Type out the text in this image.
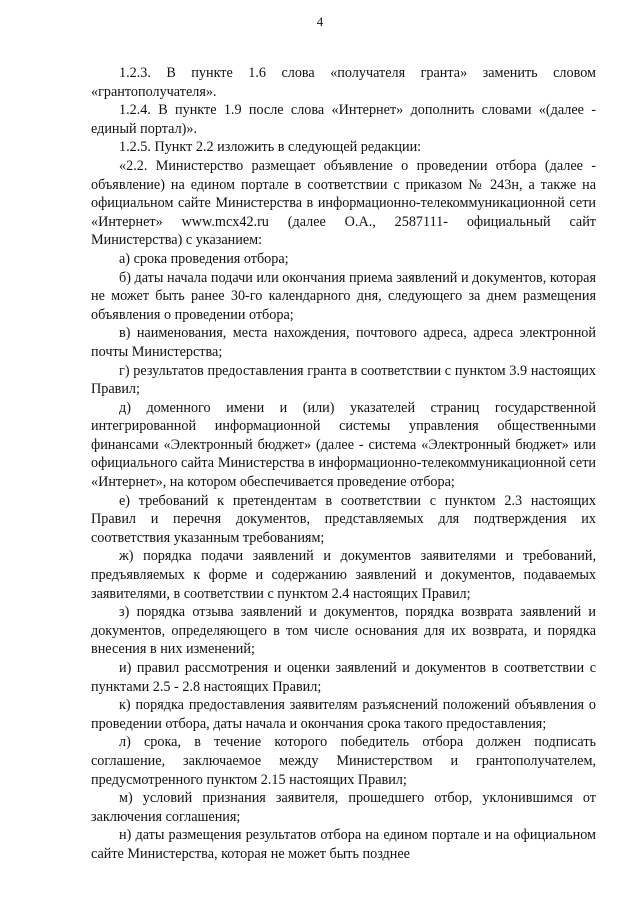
4

1.2.3. В пункте 1.6 слова «получателя гранта» заменить словом «грантополучателя».

1.2.4. В пункте 1.9 после слова «Интернет» дополнить словами «(далее - единый портал)».

1.2.5. Пункт 2.2 изложить в следующей редакции:

«2.2. Министерство размещает объявление о проведении отбора (далее - объявление) на едином портале в соответствии с приказом № 243н, а также на официальном сайте Министерства в информационно-телекоммуникационной сети «Интернет» www.mcx42.ru (далее О.А., 2587111- официальный сайт Министерства) с указанием:

а) срока проведения отбора;

б) даты начала подачи или окончания приема заявлений и документов, которая не может быть ранее 30-го календарного дня, следующего за днем размещения объявления о проведении отбора;

в) наименования, места нахождения, почтового адреса, адреса электронной почты Министерства;

г) результатов предоставления гранта в соответствии с пунктом 3.9 настоящих Правил;

д) доменного имени и (или) указателей страниц государственной интегрированной информационной системы управления общественными финансами «Электронный бюджет» (далее - система «Электронный бюджет» или официального сайта Министерства в информационно-телекоммуникационной сети «Интернет», на котором обеспечивается проведение отбора;

е) требований к претендентам в соответствии с пунктом 2.3 настоящих Правил и перечня документов, представляемых для подтверждения их соответствия указанным требованиям;

ж) порядка подачи заявлений и документов заявителями и требований, предъявляемых к форме и содержанию заявлений и документов, подаваемых заявителями, в соответствии с пунктом 2.4 настоящих Правил;

з) порядка отзыва заявлений и документов, порядка возврата заявлений и документов, определяющего в том числе основания для их возврата, и порядка внесения в них изменений;

и) правил рассмотрения и оценки заявлений и документов в соответствии с пунктами 2.5 - 2.8 настоящих Правил;

к) порядка предоставления заявителям разъяснений положений объявления о проведении отбора, даты начала и окончания срока такого предоставления;

л) срока, в течение которого победитель отбора должен подписать соглашение, заключаемое между Министерством и грантополучателем, предусмотренного пунктом 2.15 настоящих Правил;

м) условий признания заявителя, прошедшего отбор, уклонившимся от заключения соглашения;

н) даты размещения результатов отбора на едином портале и на официальном сайте Министерства, которая не может быть позднее
